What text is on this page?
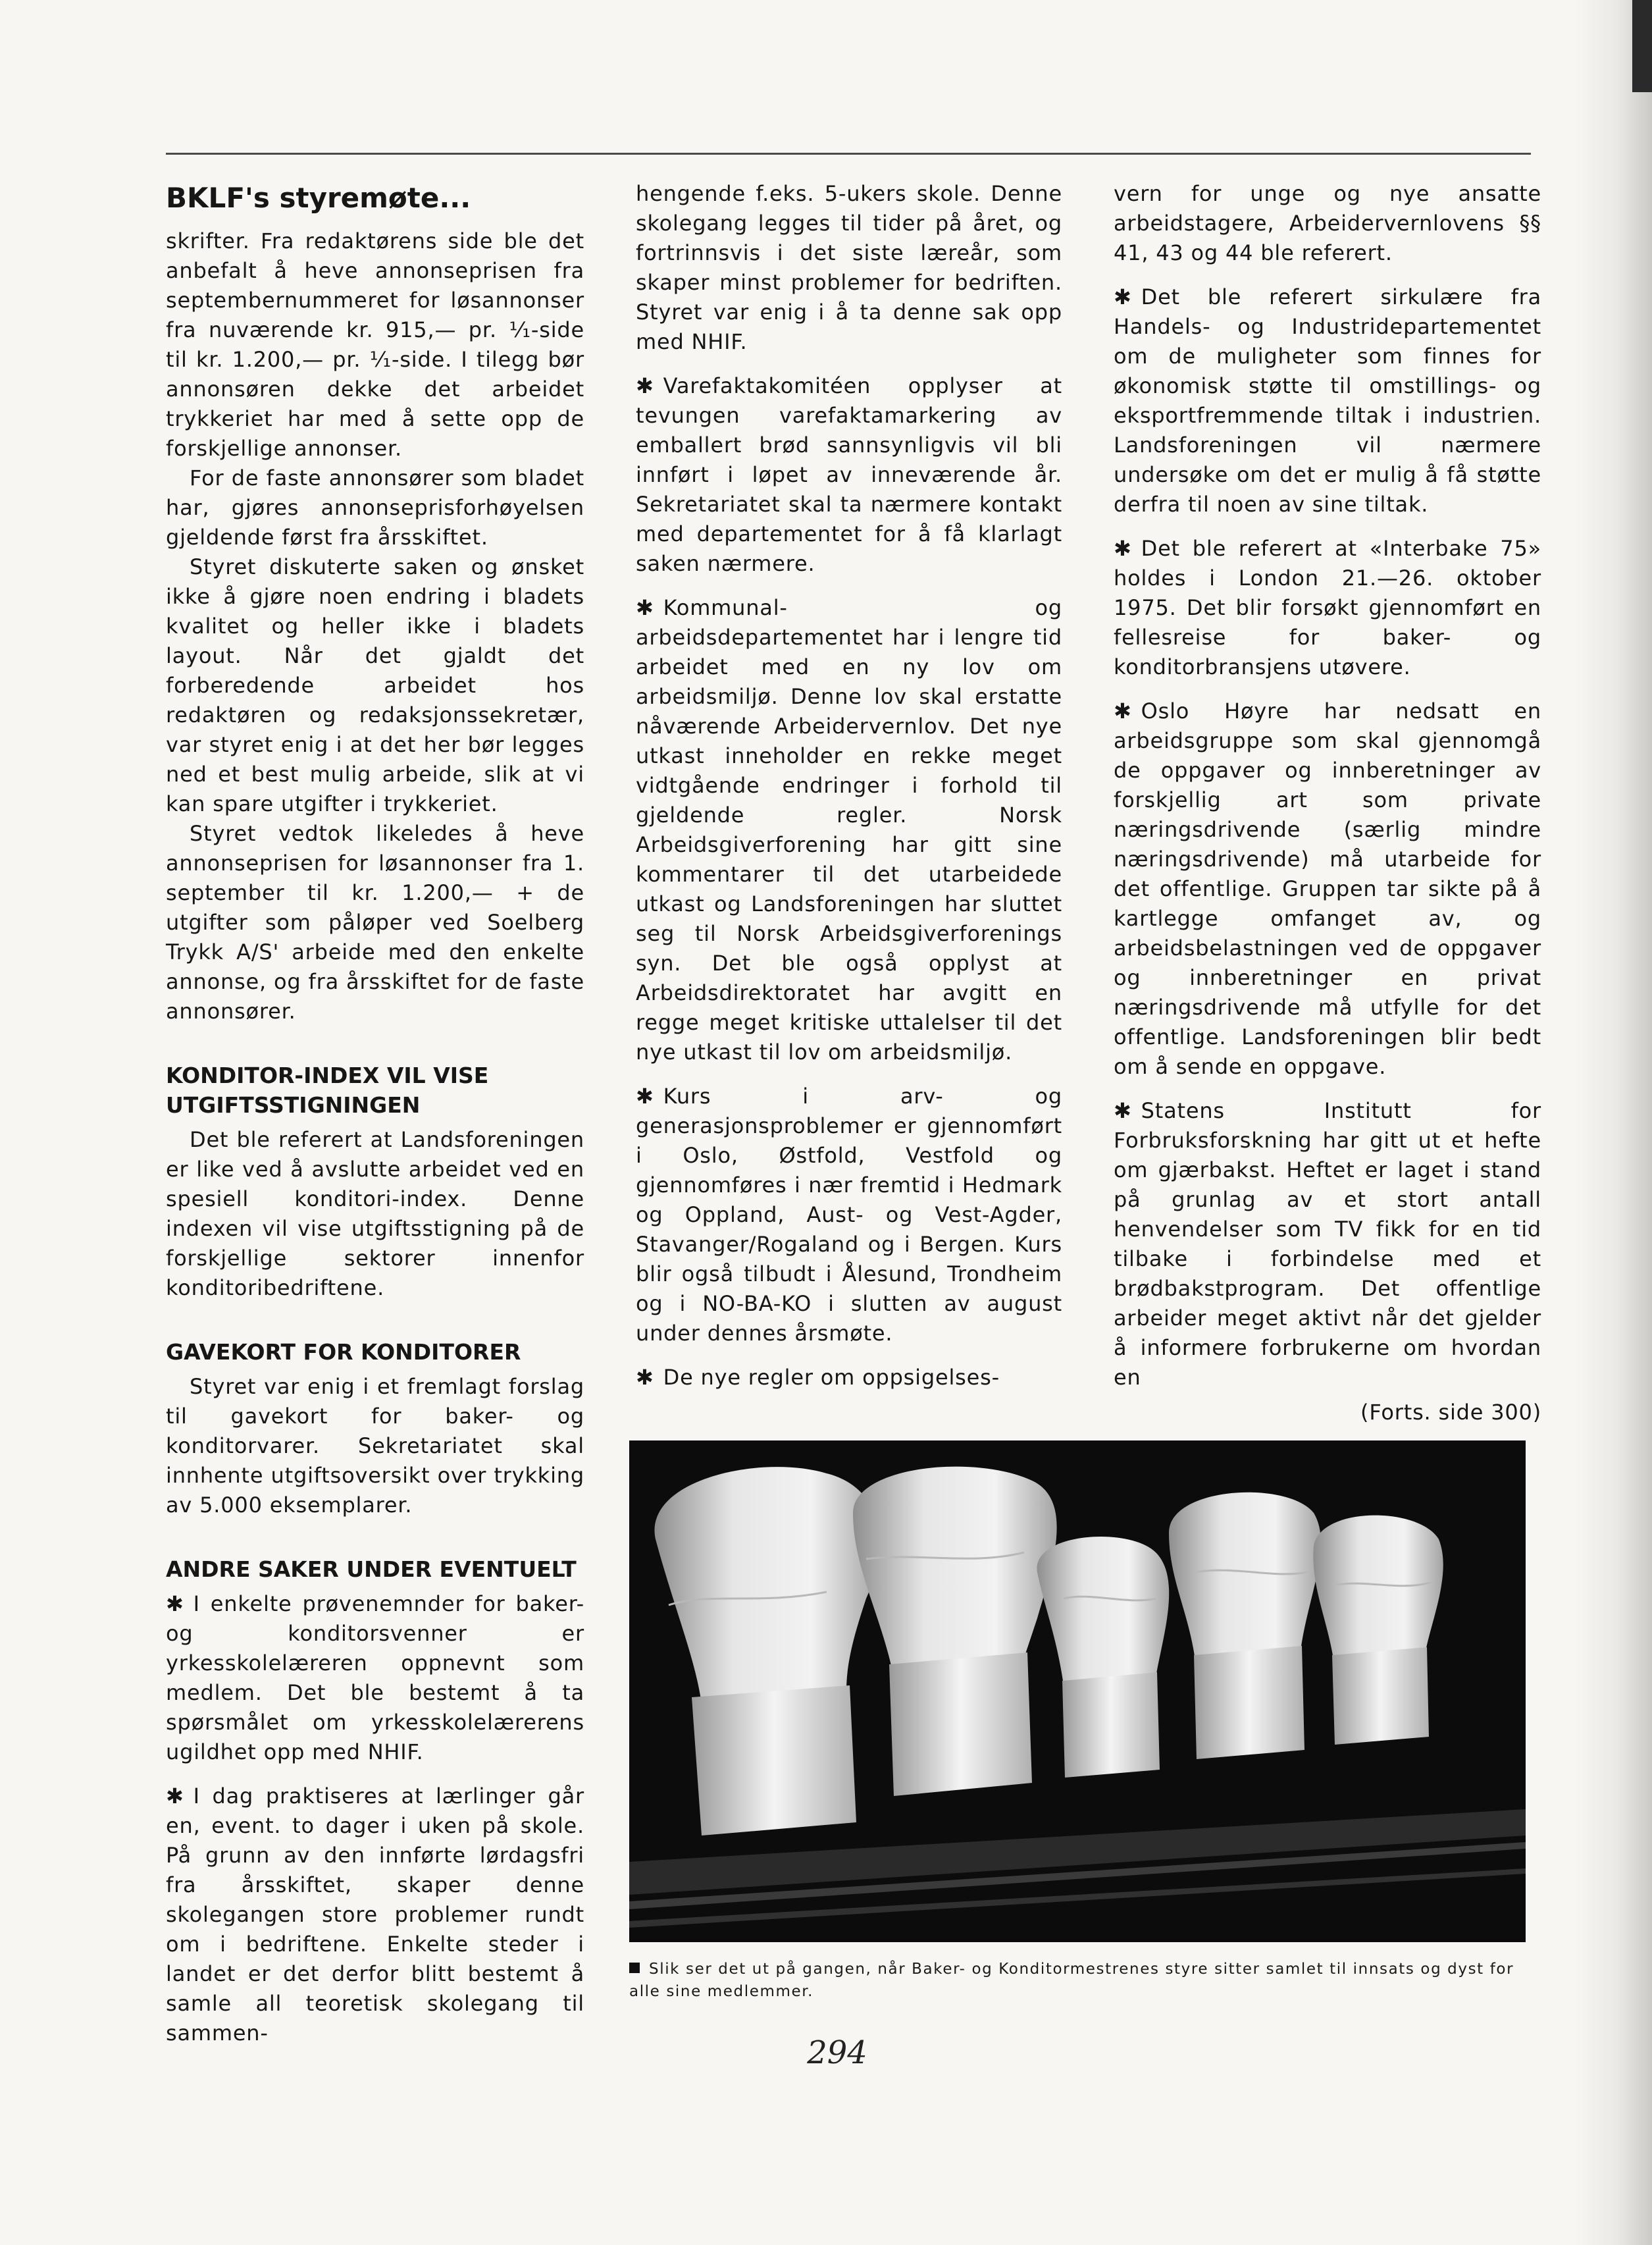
BKLF's styremøte...

skrifter. Fra redaktørens side ble det anbefalt å heve annonseprisen fra septembernummeret for løsannonser fra nuværende kr. 915,— pr. ¹⁄₁-side til kr. 1.200,— pr. ¹⁄₁-side. I tilegg bør annonsøren dekke det arbeidet trykkeriet har med å sette opp de forskjellige annonser.

For de faste annonsører som bladet har, gjøres annonseprisforhøyelsen gjeldende først fra årsskiftet.

Styret diskuterte saken og ønsket ikke å gjøre noen endring i bladets kvalitet og heller ikke i bladets layout. Når det gjaldt det forberedende arbeidet hos redaktøren og redaksjonssekretær, var styret enig i at det her bør legges ned et best mulig arbeide, slik at vi kan spare utgifter i trykkeriet.

Styret vedtok likeledes å heve annonseprisen for løsannonser fra 1. september til kr. 1.200,— + de utgifter som påløper ved Soelberg Trykk A/S' arbeide med den enkelte annonse, og fra årsskiftet for de faste annonsører.

KONDITOR-INDEX VIL VISE UTGIFTSSTIGNINGEN

Det ble referert at Landsforeningen er like ved å avslutte arbeidet ved en spesiell konditori-index. Denne indexen vil vise utgiftsstigning på de forskjellige sektorer innenfor konditoribedriftene.

GAVEKORT FOR KONDITORER

Styret var enig i et fremlagt forslag til gavekort for baker- og konditorvarer. Sekretariatet skal innhente utgiftsoversikt over trykking av 5.000 eksemplarer.

ANDRE SAKER UNDER EVENTUELT

✱ I enkelte prøvenemnder for baker- og konditorsvenner er yrkesskolelæreren oppnevnt som medlem. Det ble bestemt å ta spørsmålet om yrkesskolelærerens ugildhet opp med NHIF.

✱ I dag praktiseres at lærlinger går en, event. to dager i uken på skole. På grunn av den innførte lørdagsfri fra årsskiftet, skaper denne skolegangen store problemer rundt om i bedriftene. Enkelte steder i landet er det derfor blitt bestemt å samle all teoretisk skolegang til sammen-

hengende f.eks. 5-ukers skole. Denne skolegang legges til tider på året, og fortrinnsvis i det siste læreår, som skaper minst problemer for bedriften. Styret var enig i å ta denne sak opp med NHIF.

✱ Varefaktakomitéen opplyser at tevungen varefaktamarkering av emballert brød sannsynligvis vil bli innført i løpet av inneværende år. Sekretariatet skal ta nærmere kontakt med departementet for å få klarlagt saken nærmere.

✱ Kommunal- og arbeidsdepartementet har i lengre tid arbeidet med en ny lov om arbeidsmiljø. Denne lov skal erstatte nåværende Arbeidervernlov. Det nye utkast inneholder en rekke meget vidtgående endringer i forhold til gjeldende regler. Norsk Arbeidsgiverforening har gitt sine kommentarer til det utarbeidede utkast og Landsforeningen har sluttet seg til Norsk Arbeidsgiverforenings syn. Det ble også opplyst at Arbeidsdirektoratet har avgitt en regge meget kritiske uttalelser til det nye utkast til lov om arbeidsmiljø.

✱ Kurs i arv- og generasjonsproblemer er gjennomført i Oslo, Østfold, Vestfold og gjennomføres i nær fremtid i Hedmark og Oppland, Aust- og Vest-Agder, Stavanger/Rogaland og i Bergen. Kurs blir også tilbudt i Ålesund, Trondheim og i NO-BA-KO i slutten av august under dennes årsmøte.

✱ De nye regler om oppsigelses-

vern for unge og nye ansatte arbeidstagere, Arbeidervernlovens §§ 41, 43 og 44 ble referert.

✱ Det ble referert sirkulære fra Handels- og Industridepartementet om de muligheter som finnes for økonomisk støtte til omstillings- og eksportfremmende tiltak i industrien. Landsforeningen vil nærmere undersøke om det er mulig å få støtte derfra til noen av sine tiltak.

✱ Det ble referert at «Interbake 75» holdes i London 21.—26. oktober 1975. Det blir forsøkt gjennomført en fellesreise for baker- og konditorbransjens utøvere.

✱ Oslo Høyre har nedsatt en arbeidsgruppe som skal gjennomgå de oppgaver og innberetninger av forskjellig art som private næringsdrivende (særlig mindre næringsdrivende) må utarbeide for det offentlige. Gruppen tar sikte på å kartlegge omfanget av, og arbeidsbelastningen ved de oppgaver og innberetninger en privat næringsdrivende må utfylle for det offentlige. Landsforeningen blir bedt om å sende en oppgave.

✱ Statens Institutt for Forbruksforskning har gitt ut et hefte om gjærbakst. Heftet er laget i stand på grunlag av et stort antall henvendelser som TV fikk for en tid tilbake i forbindelse med et brødbakstprogram. Det offentlige arbeider meget aktivt når det gjelder å informere forbrukerne om hvordan en

(Forts. side 300)
Slik ser det ut på gangen, når Baker- og Konditormestrenes styre sitter samlet til innsats og dyst for alle sine medlemmer.
294
